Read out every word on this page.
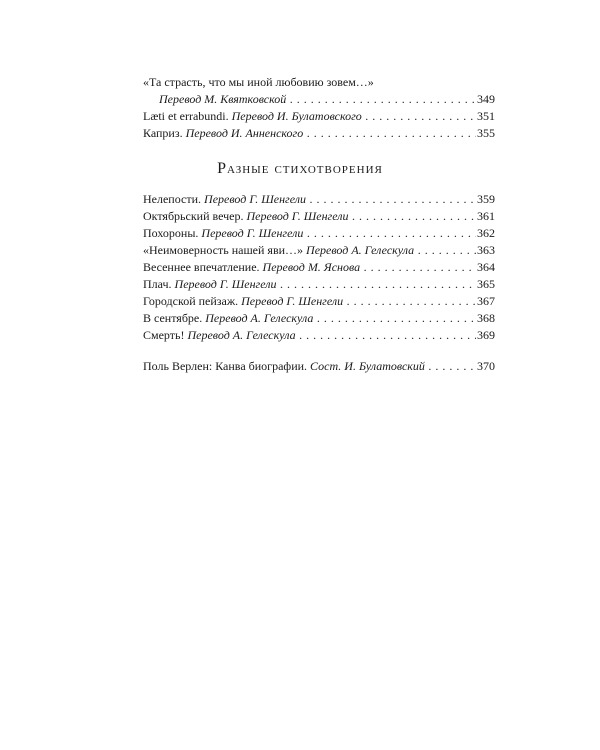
«Та страсть, что мы иной любовию зовем…»
Перевод М. Квятковской . . .	349
Læti et errabundi. Перевод И. Булатовского . . .	351
Каприз. Перевод И. Анненского . . .	355
Разные стихотворения
Нелепости. Перевод Г. Шенгели . . .	359
Октябрьский вечер. Перевод Г. Шенгели . . .	361
Похороны. Перевод Г. Шенгели . . .	362
«Неимоверность нашей яви…» Перевод А. Гелескула . . .	363
Весеннее впечатление. Перевод М. Яснова . . .	364
Плач. Перевод Г. Шенгели . . .	365
Городской пейзаж. Перевод Г. Шенгели . . .	367
В сентябре. Перевод А. Гелескула . . .	368
Смерть! Перевод А. Гелескула . . .	369
Поль Верлен: Канва биографии. Сост. И. Булатовский . . .	370
